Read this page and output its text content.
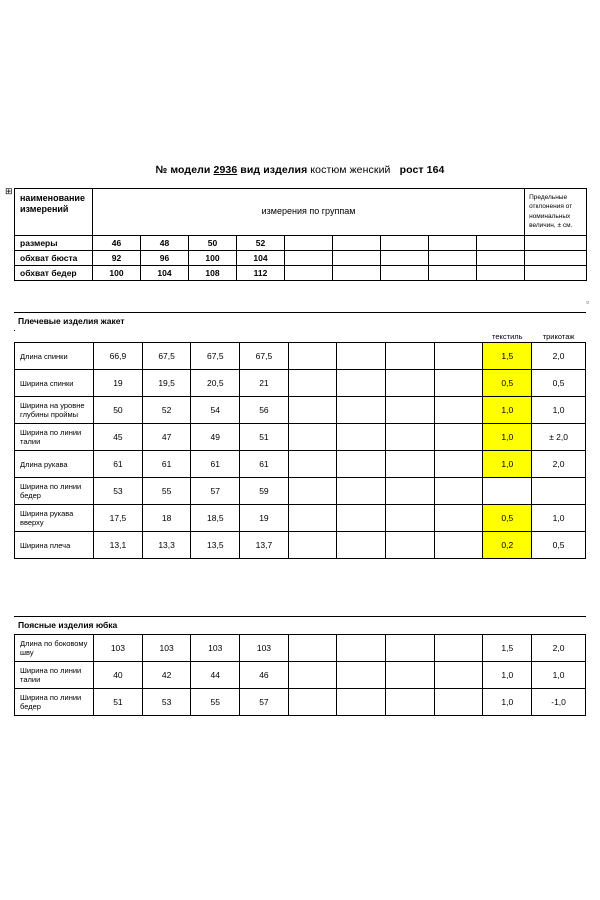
№ модели 2936 вид изделия костюм женский рост 164
⊞
▫
наименование измерений	измерения по группам									Предельные отклонения от номинальных величин, ± см.

размеры	46	48	50	52						
обхват бюста	92	96	100	104						
обхват бедер	100	104	108	112						
Плечевые изделия жакет
									текстиль	трикотаж
Длина спинки	66,9	67,5	67,5	67,5					1,5	2,0
Ширина спинки	19	19,5	20,5	21					0,5	0,5
Ширина на уровне глубины проймы	50	52	54	56					1,0	1,0
Ширина по линии талии	45	47	49	51					1,0	± 2,0
Длина рукава	61	61	61	61					1,0	2,0
Ширина по линии бедер	53	55	57	59						
Ширина рукава вверху	17,5	18	18,5	19					0,5	1,0
Ширина плеча	13,1	13,3	13,5	13,7					0,2	0,5
Поясные изделия юбка
Длина по боковому шву	103	103	103	103					1,5	2,0
Ширина по линии талии	40	42	44	46					1,0	1,0
Ширина по линии бедер	51	53	55	57					1,0	-1,0
